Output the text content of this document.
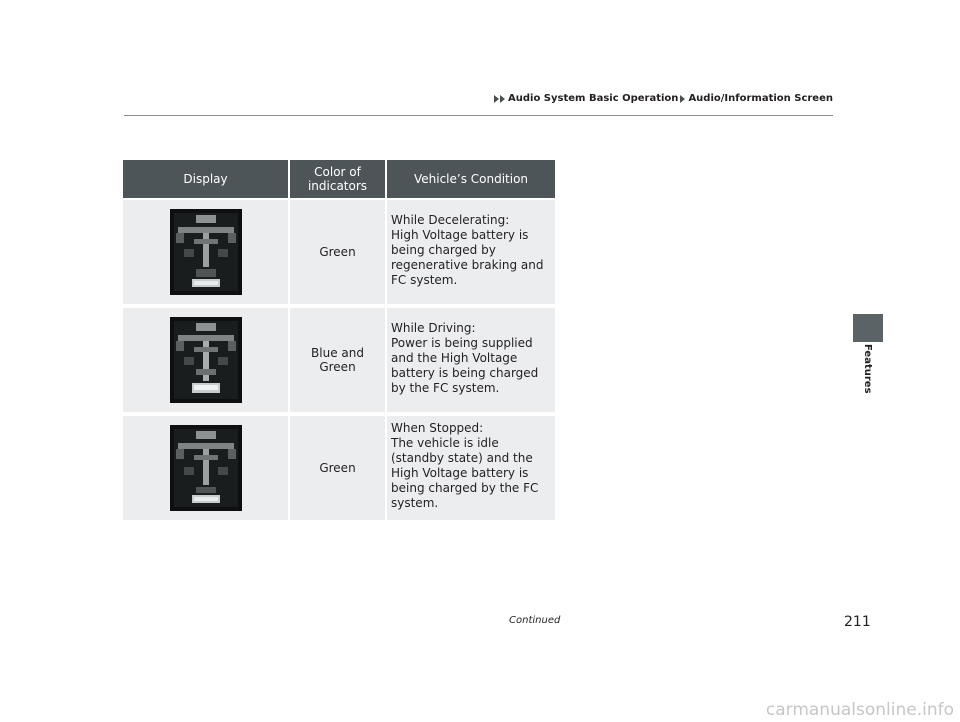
Audio System Basic Operation Audio/Information Screen
Features
Display	Color of indicators	Vehicle’s Condition

	Green	While Decelerating:
High Voltage battery is being charged by regenerative braking and FC system.

	Blue and Green	While Driving:
Power is being supplied and the High Voltage battery is being charged by the FC system.

	Green	When Stopped:
The vehicle is idle (standby state) and the High Voltage battery is being charged by the FC system.
Continued	211
carmanualsonline.info
